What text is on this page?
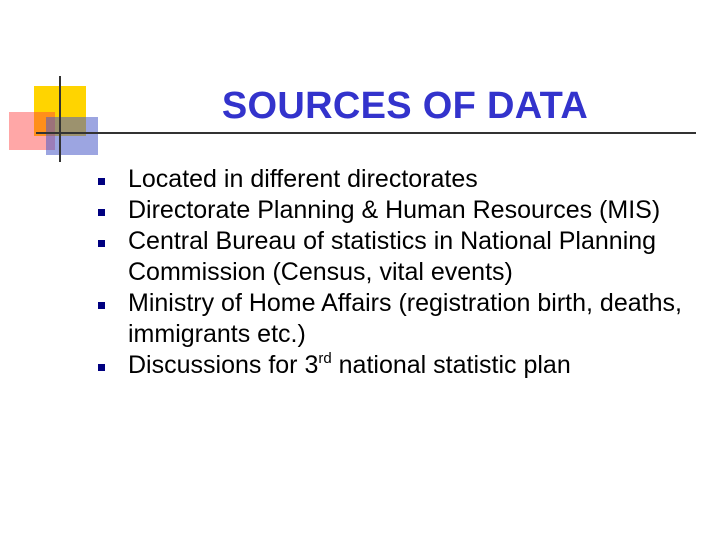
SOURCES OF DATA
Located in different directorates
Directorate Planning & Human Resources (MIS)
Central Bureau of statistics in National Planning Commission (Census, vital events)
Ministry of Home Affairs (registration birth, deaths, immigrants etc.)
Discussions for 3rd national statistic plan
